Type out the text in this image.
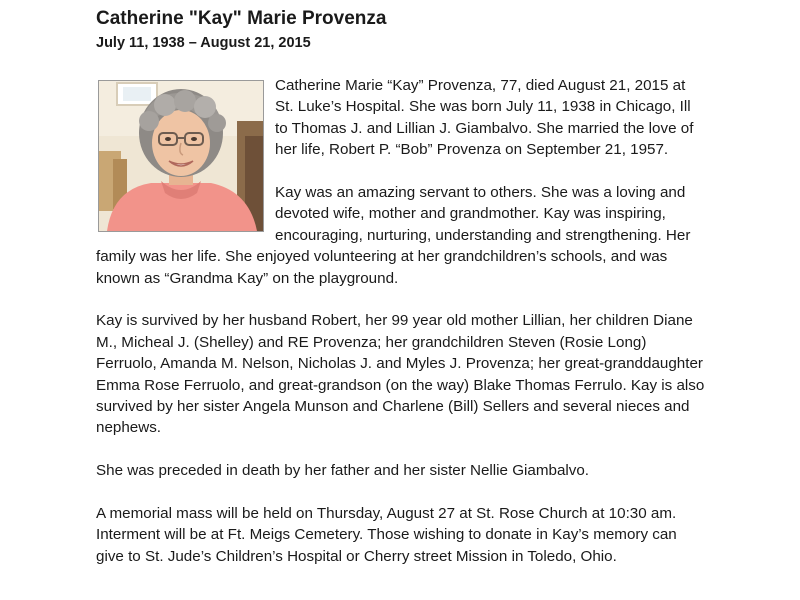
Catherine "Kay" Marie Provenza
July 11, 1938 – August 21, 2015

Catherine Marie “Kay” Provenza, 77, died August 21, 2015 at St. Luke’s Hospital. She was born July 11, 1938 in Chicago, Ill to Thomas J. and Lillian J. Giambalvo. She married the love of her life, Robert P. “Bob” Provenza on September 21, 1957.

Kay was an amazing servant to others. She was a loving and devoted wife, mother and grandmother. Kay was inspiring, encouraging, nurturing, understanding and strengthening. Her family was her life. She enjoyed volunteering at her grandchildren’s schools, and was known as “Grandma Kay” on the playground.

Kay is survived by her husband Robert, her 99 year old mother Lillian, her children Diane M., Micheal J. (Shelley) and RE Provenza; her grandchildren Steven (Rosie Long) Ferruolo, Amanda M. Nelson, Nicholas J. and Myles J. Provenza; her great-granddaughter Emma Rose Ferruolo, and great-grandson (on the way) Blake Thomas Ferrulo. Kay is also survived by her sister Angela Munson and Charlene (Bill) Sellers and several nieces and nephews.

She was preceded in death by her father and her sister Nellie Giambalvo.

A memorial mass will be held on Thursday, August 27 at St. Rose Church at 10:30 am. Interment will be at Ft. Meigs Cemetery. Those wishing to donate in Kay’s memory can give to St. Jude’s Children’s Hospital or Cherry street Mission in Toledo, Ohio.
